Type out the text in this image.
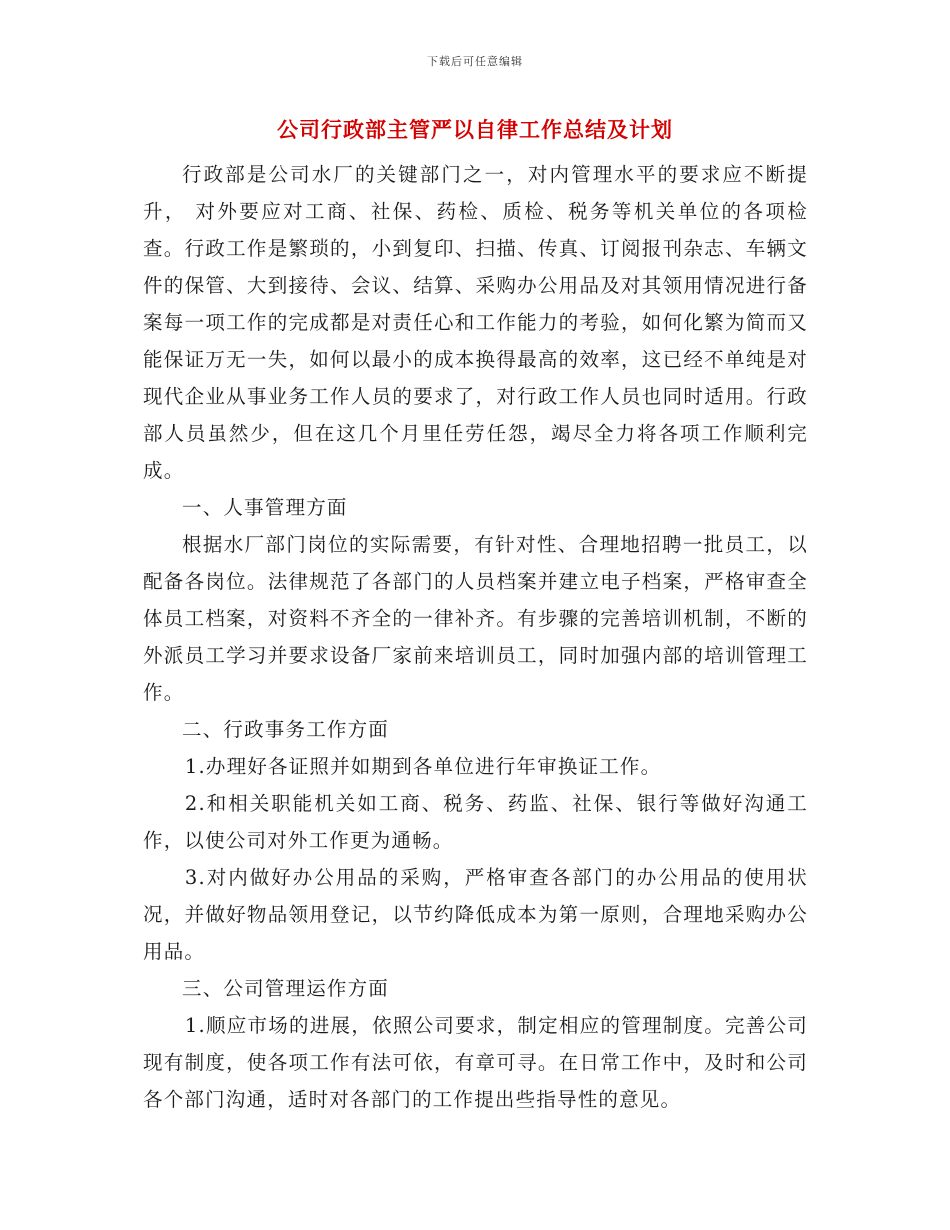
下载后可任意编辑
公司行政部主管严以自律工作总结及计划

行政部是公司水厂的关键部门之一，对内管理水平的要求应不断提升， 对外要应对工商、社保、药检、质检、税务等机关单位的各项检查。行政工作是繁琐的，小到复印、扫描、传真、订阅报刊杂志、车辆文件的保管、大到接待、会议、结算、采购办公用品及对其领用情况进行备案每一项工作的完成都是对责任心和工作能力的考验，如何化繁为简而又能保证万无一失，如何以最小的成本换得最高的效率，这已经不单纯是对现代企业从事业务工作人员的要求了，对行政工作人员也同时适用。行政部人员虽然少，但在这几个月里任劳任怨，竭尽全力将各项工作顺利完成。

一、人事管理方面

根据水厂部门岗位的实际需要，有针对性、合理地招聘一批员工，以配备各岗位。法律规范了各部门的人员档案并建立电子档案，严格审查全体员工档案，对资料不齐全的一律补齐。有步骤的完善培训机制，不断的外派员工学习并要求设备厂家前来培训员工，同时加强内部的培训管理工作。

二、行政事务工作方面

1.办理好各证照并如期到各单位进行年审换证工作。

2.和相关职能机关如工商、税务、药监、社保、银行等做好沟通工作，以使公司对外工作更为通畅。

3.对内做好办公用品的采购，严格审查各部门的办公用品的使用状况，并做好物品领用登记，以节约降低成本为第一原则，合理地采购办公用品。

三、公司管理运作方面

1.顺应市场的进展，依照公司要求，制定相应的管理制度。完善公司现有制度，使各项工作有法可依，有章可寻。在日常工作中，及时和公司各个部门沟通，适时对各部门的工作提出些指导性的意见。
